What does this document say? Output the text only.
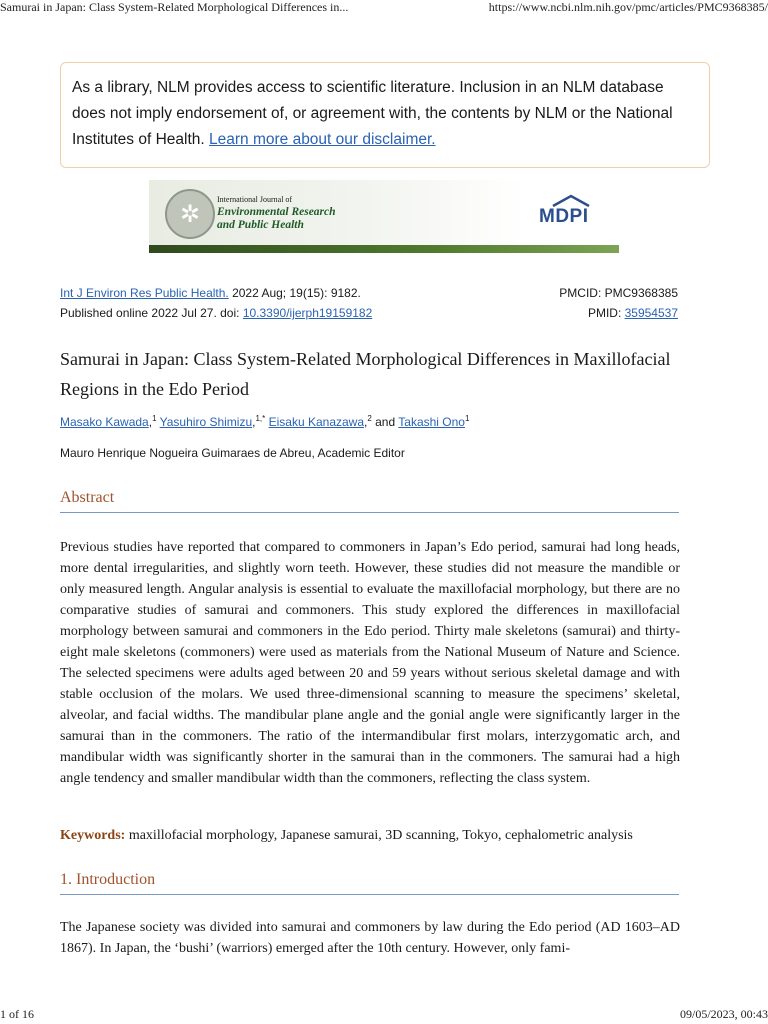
Samurai in Japan: Class System-Related Morphological Differences in...	https://www.ncbi.nlm.nih.gov/pmc/articles/PMC9368385/
As a library, NLM provides access to scientific literature. Inclusion in an NLM database does not imply endorsement of, or agreement with, the contents by NLM or the National Institutes of Health. Learn more about our disclaimer.
✲
International Journal of
Environmental Research
and Public Health	MDPI
Int J Environ Res Public Health. 2022 Aug; 19(15): 9182.
Published online 2022 Jul 27. doi: 10.3390/ijerph19159182
PMCID: PMC9368385
PMID: 35954537
Samurai in Japan: Class System-Related Morphological Differences in Maxillofacial Regions in the Edo Period
Masako Kawada,$^1$ Yasuhiro Shimizu,$^{1,*}$ Eisaku Kanazawa,$^2$ and Takashi Ono$^1$
Mauro Henrique Nogueira Guimaraes de Abreu, Academic Editor
Abstract
Previous studies have reported that compared to commoners in Japan’s Edo period, samurai had long heads, more dental irregularities, and slightly worn teeth. However, these studies did not measure the mandible or only measured length. Angular analysis is essential to evaluate the maxillofacial morphology, but there are no comparative studies of samurai and commoners. This study explored the differences in maxillofacial morphology between samurai and commoners in the Edo period. Thirty male skeletons (samurai) and thirty-eight male skeletons (commoners) were used as materials from the National Museum of Nature and Science. The selected specimens were adults aged between 20 and 59 years without serious skeletal damage and with stable occlusion of the molars. We used three-dimensional scanning to measure the specimens’ skeletal, alveolar, and facial widths. The mandibular plane angle and the gonial angle were significantly larger in the samurai than in the commoners. The ratio of the intermandibular first molars, interzygomatic arch, and mandibular width was significantly shorter in the samurai than in the commoners. The samurai had a high angle tendency and smaller mandibular width than the commoners, reflecting the class system.
Keywords: maxillofacial morphology, Japanese samurai, 3D scanning, Tokyo, cephalometric analysis
1. Introduction
The Japanese society was divided into samurai and commoners by law during the Edo period (AD 1603–AD 1867). In Japan, the ‘bushi’ (warriors) emerged after the 10th century. However, only fami-
1 of 16	09/05/2023, 00:43
